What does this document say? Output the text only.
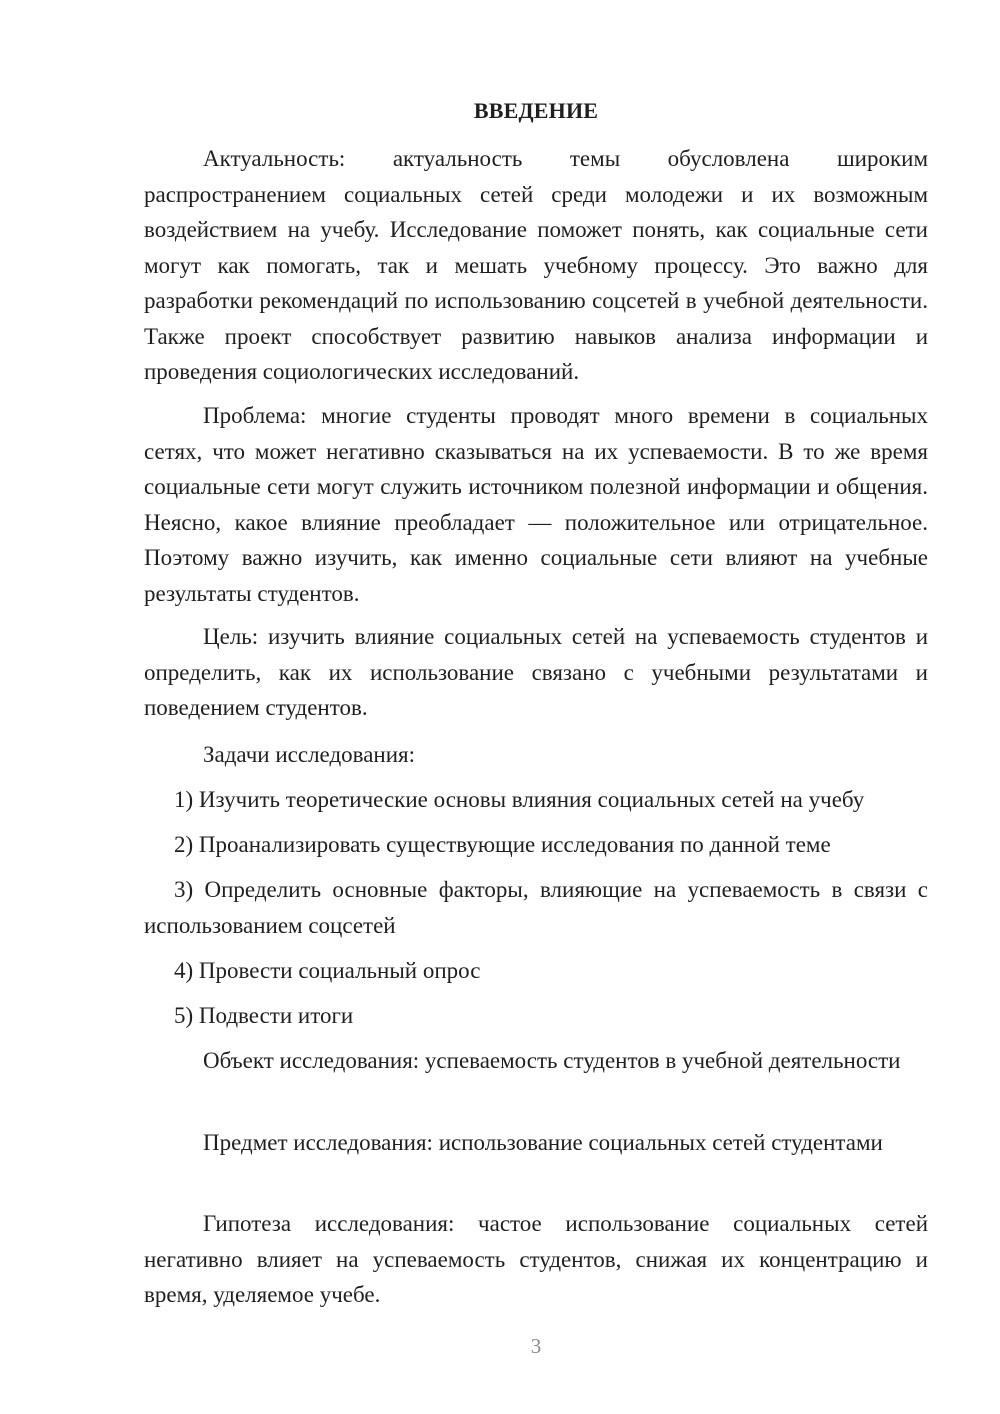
ВВЕДЕНИЕ

Актуальность: актуальность темы обусловлена широким распространением социальных сетей среди молодежи и их возможным воздействием на учебу. Исследование поможет понять, как социальные сети могут как помогать, так и мешать учебному процессу. Это важно для разработки рекомендаций по использованию соцсетей в учебной деятельности. Также проект способствует развитию навыков анализа информации и проведения социологических исследований.

Проблема: многие студенты проводят много времени в социальных сетях, что может негативно сказываться на их успеваемости. В то же время социальные сети могут служить источником полезной информации и общения. Неясно, какое влияние преобладает — положительное или отрицательное. Поэтому важно изучить, как именно социальные сети влияют на учебные результаты студентов.

Цель: изучить влияние социальных сетей на успеваемость студентов и определить, как их использование связано с учебными результатами и поведением студентов.

Задачи исследования:

1) Изучить теоретические основы влияния социальных сетей на учебу

2) Проанализировать существующие исследования по данной теме

3) Определить основные факторы, влияющие на успеваемость в связи с использованием соцсетей

4) Провести социальный опрос

5) Подвести итоги

Объект исследования: успеваемость студентов в учебной деятельности

Предмет исследования: использование социальных сетей студентами

Гипотеза исследования: частое использование социальных сетей негативно влияет на успеваемость студентов, снижая их концентрацию и время, уделяемое учебе.

3
